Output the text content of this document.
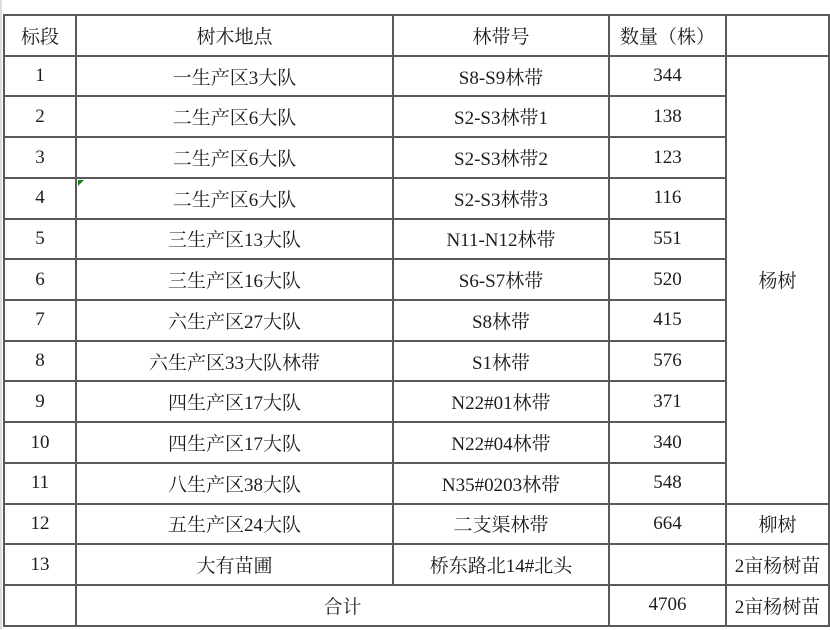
标段	树木地点	林带号	数量（株）	
1	一生产区3大队	S8-S9林带	344	杨树
2	二生产区6大队	S2-S3林带1	138	
3	二生产区6大队	S2-S3林带2	123	
4	二生产区6大队	S2-S3林带3	116	
5	三生产区13大队	N11-N12林带	551	
6	三生产区16大队	S6-S7林带	520	
7	六生产区27大队	S8林带	415	
8	六生产区33大队林带	S1林带	576	
9	四生产区17大队	N22#01林带	371	
10	四生产区17大队	N22#04林带	340	
11	八生产区38大队	N35#0203林带	548	
12	五生产区24大队	二支渠林带	664	柳树
13	大有苗圃	桥东路北14#北头		2亩杨树苗
	合计		4706	2亩杨树苗
